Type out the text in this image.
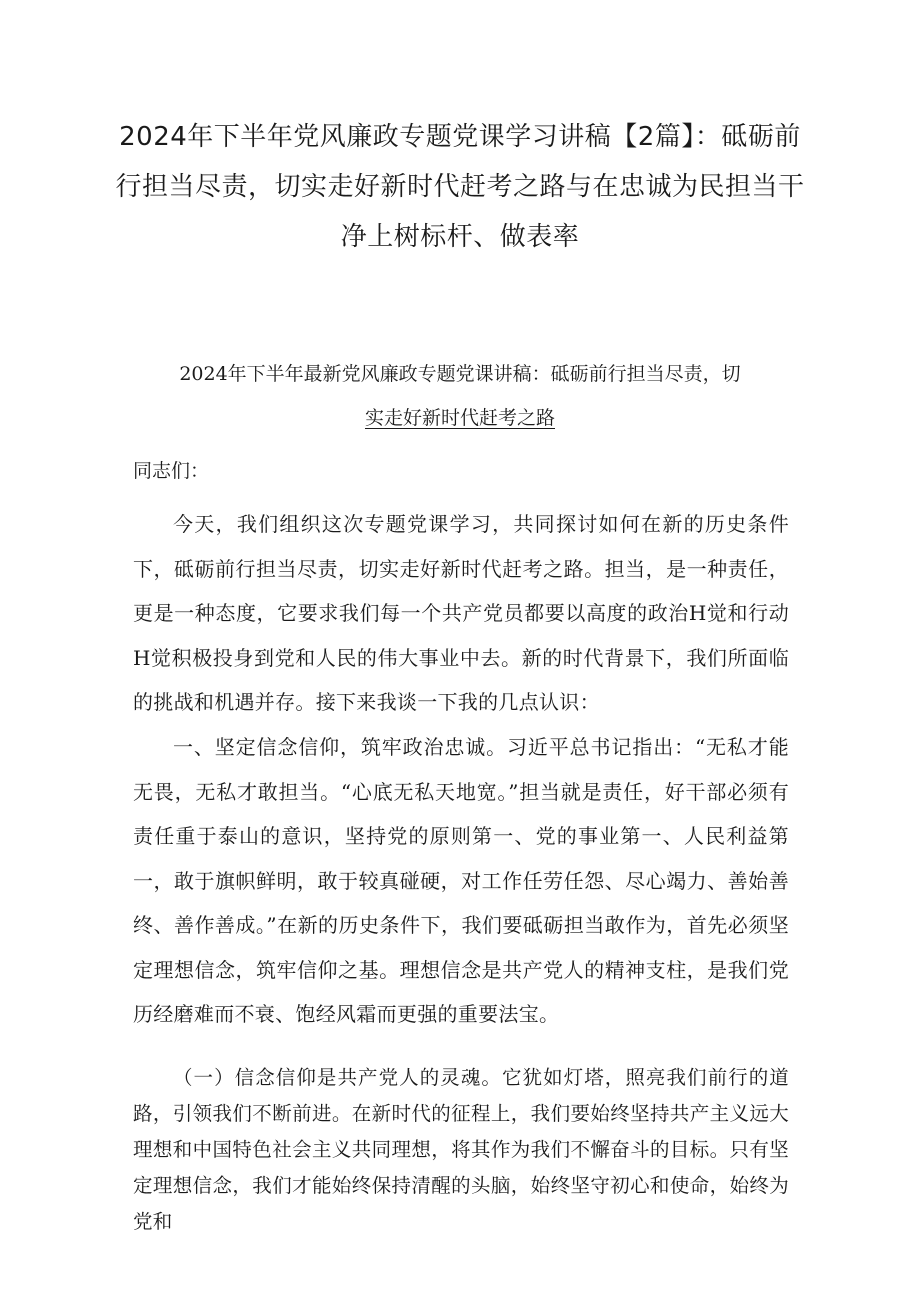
2024年下半年党风廉政专题党课学习讲稿【2篇】：砥砺前行担当尽责，切实走好新时代赶考之路与在忠诚为民担当干净上树标杆、做表率
2024年下半年最新党风廉政专题党课讲稿：砥砺前行担当尽责，切
实走好新时代赶考之路

同志们：

今天，我们组织这次专题党课学习，共同探讨如何在新的历史条件下，砥砺前行担当尽责，切实走好新时代赶考之路。担当，是一种责任，更是一种态度，它要求我们每一个共产党员都要以高度的政治H觉和行动H觉积极投身到党和人民的伟大事业中去。新的时代背景下，我们所面临的挑战和机遇并存。接下来我谈一下我的几点认识：

一、坚定信念信仰，筑牢政治忠诚。习近平总书记指出：“无私才能无畏，无私才敢担当。“心底无私天地宽。”担当就是责任，好干部必须有责任重于泰山的意识，坚持党的原则第一、党的事业第一、人民利益第一，敢于旗帜鲜明，敢于较真碰硬，对工作任劳任怨、尽心竭力、善始善终、善作善成。”在新的历史条件下，我们要砥砺担当敢作为，首先必须坚定理想信念，筑牢信仰之基。理想信念是共产党人的精神支柱，是我们党历经磨难而不衰、饱经风霜而更强的重要法宝。

（一）信念信仰是共产党人的灵魂。它犹如灯塔，照亮我们前行的道路，引领我们不断前进。在新时代的征程上，我们要始终坚持共产主义远大理想和中国特色社会主义共同理想，将其作为我们不懈奋斗的目标。只有坚定理想信念，我们才能始终保持清醒的头脑，始终坚守初心和使命，始终为党和
